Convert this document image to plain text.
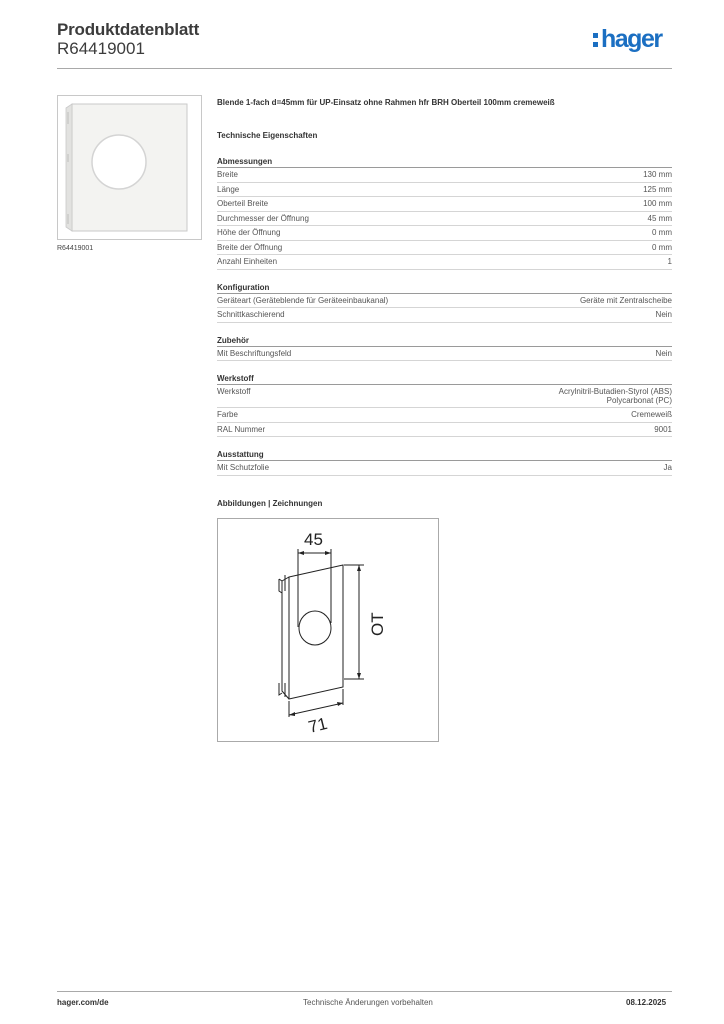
Produktdatenblatt
R64419001	hager
R64419001
Blende 1-fach d=45mm für UP-Einsatz ohne Rahmen hfr BRH Oberteil 100mm cremeweiß
Technische Eigenschaften
Abmessungen
Breite	130 mm
Länge	125 mm
Oberteil Breite	100 mm
Durchmesser der Öffnung	45 mm
Höhe der Öffnung	0 mm
Breite der Öffnung	0 mm
Anzahl Einheiten	1
Konfiguration
Geräteart (Geräteblende für Geräteeinbaukanal)	Geräte mit Zentralscheibe
Schnittkaschierend	Nein
Zubehör
Mit Beschriftungsfeld	Nein
Werkstoff
Werkstoff	Acrylnitril-Butadien-Styrol (ABS)
Polycarbonat (PC)
Farbe	Cremeweiß
RAL Nummer	9001
Ausstattung
Mit Schutzfolie	Ja
Abbildungen | Zeichnungen
45
OT
71
hager.com/de	Technische Änderungen vorbehalten	08.12.2025
